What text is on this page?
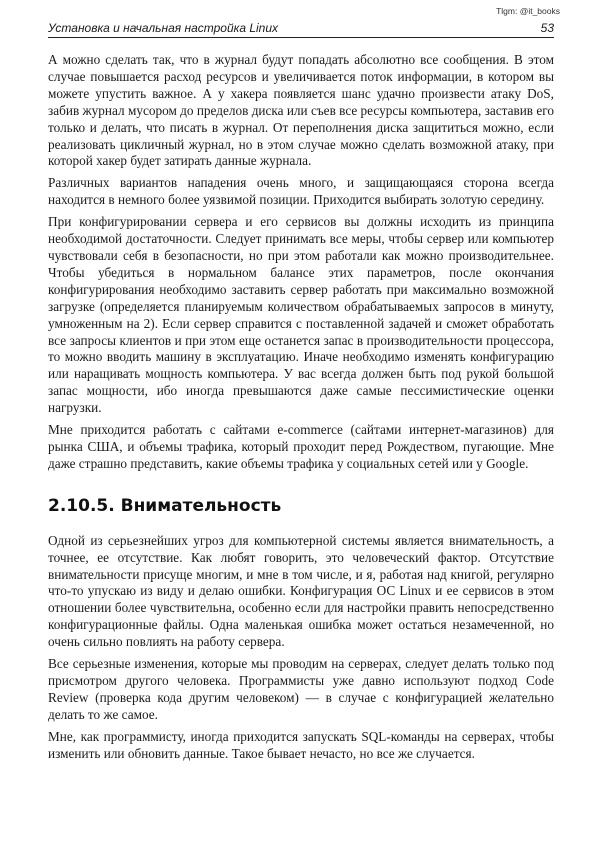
Tlgm: @it_books
Установка и начальная настройка Linux	53

А можно сделать так, что в журнал будут попадать абсолютно все сообщения. В этом случае повышается расход ресурсов и увеличивается поток информации, в котором вы можете упустить важное. А у хакера появляется шанс удачно произвести атаку DoS, забив журнал мусором до пределов диска или съев все ресурсы компьютера, заставив его только и делать, что писать в журнал. От переполнения диска защититься можно, если реализовать цикличный журнал, но в этом случае можно сделать возможной атаку, при которой хакер будет затирать данные журнала.

Различных вариантов нападения очень много, и защищающаяся сторона всегда находится в немного более уязвимой позиции. Приходится выбирать золотую середину.

При конфигурировании сервера и его сервисов вы должны исходить из принципа необходимой достаточности. Следует принимать все меры, чтобы сервер или компьютер чувствовали себя в безопасности, но при этом работали как можно производительнее. Чтобы убедиться в нормальном балансе этих параметров, после окончания конфигурирования необходимо заставить сервер работать при максимально возможной загрузке (определяется планируемым количеством обрабатываемых запросов в минуту, умноженным на 2). Если сервер справится с поставленной задачей и сможет обработать все запросы клиентов и при этом еще останется запас в производительности процессора, то можно вводить машину в эксплуатацию. Иначе необходимо изменять конфигурацию или наращивать мощность компьютера. У вас всегда должен быть под рукой большой запас мощности, ибо иногда превышаются даже самые пессимистические оценки нагрузки.

Мне приходится работать с сайтами e-commerce (сайтами интернет-магазинов) для рынка США, и объемы трафика, который проходит перед Рождеством, пугающие. Мне даже страшно представить, какие объемы трафика у социальных сетей или у Google.

2.10.5. Внимательность

Одной из серьезнейших угроз для компьютерной системы является внимательность, а точнее, ее отсутствие. Как любят говорить, это человеческий фактор. Отсутствие внимательности присуще многим, и мне в том числе, и я, работая над книгой, регулярно что-то упускаю из виду и делаю ошибки. Конфигурация ОС Linux и ее сервисов в этом отношении более чувствительна, особенно если для настройки править непосредственно конфигурационные файлы. Одна маленькая ошибка может остаться незамеченной, но очень сильно повлиять на работу сервера.

Все серьезные изменения, которые мы проводим на серверах, следует делать только под присмотром другого человека. Программисты уже давно используют подход Code Review (проверка кода другим человеком) — в случае с конфигурацией желательно делать то же самое.

Мне, как программисту, иногда приходится запускать SQL-команды на серверах, чтобы изменить или обновить данные. Такое бывает нечасто, но все же случается.
